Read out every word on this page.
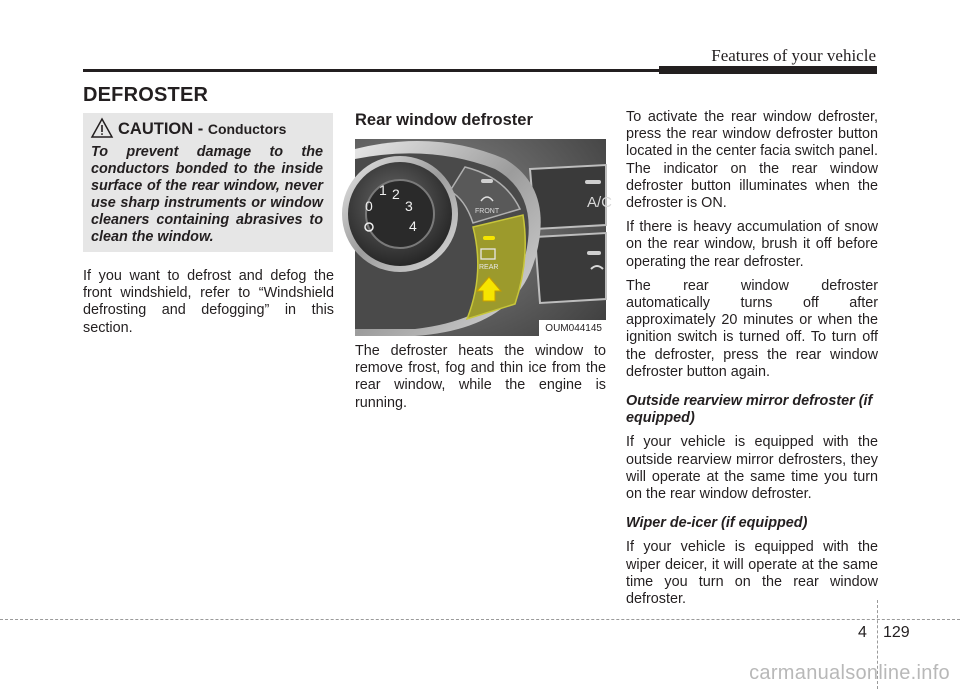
Features of your vehicle
DEFROSTER
CAUTION - Conductors
To prevent damage to the conductors bonded to the inside surface of the rear window, never use sharp instruments or window cleaners containing abrasives to clean the window.
If you want to defrost and defog the front windshield, refer to “Windshield defrosting and defogging” in this section.
Rear window defroster
A/C
FRONT
REAR
0
1 2
3
4
OUM044145
The defroster heats the window to remove frost, fog and thin ice from the rear window, while the engine is running.

To activate the rear window defroster, press the rear window defroster button located in the center facia switch panel. The indicator on the rear window defroster button illuminates when the defroster is ON.

If there is heavy accumulation of snow on the rear window, brush it off before operating the rear defroster.

The rear window defroster automatically turns off after approximately 20 minutes or when the ignition switch is turned off. To turn off the defroster, press the rear window defroster button again.

Outside rearview mirror defroster (if equipped)

If your vehicle is equipped with the outside rearview mirror defrosters, they will operate at the same time you turn on the rear window defroster.

Wiper de-icer (if equipped)

If your vehicle is equipped with the wiper deicer, it will operate at the same time you turn on the rear window defroster.

4 129
carmanualsonline.info
